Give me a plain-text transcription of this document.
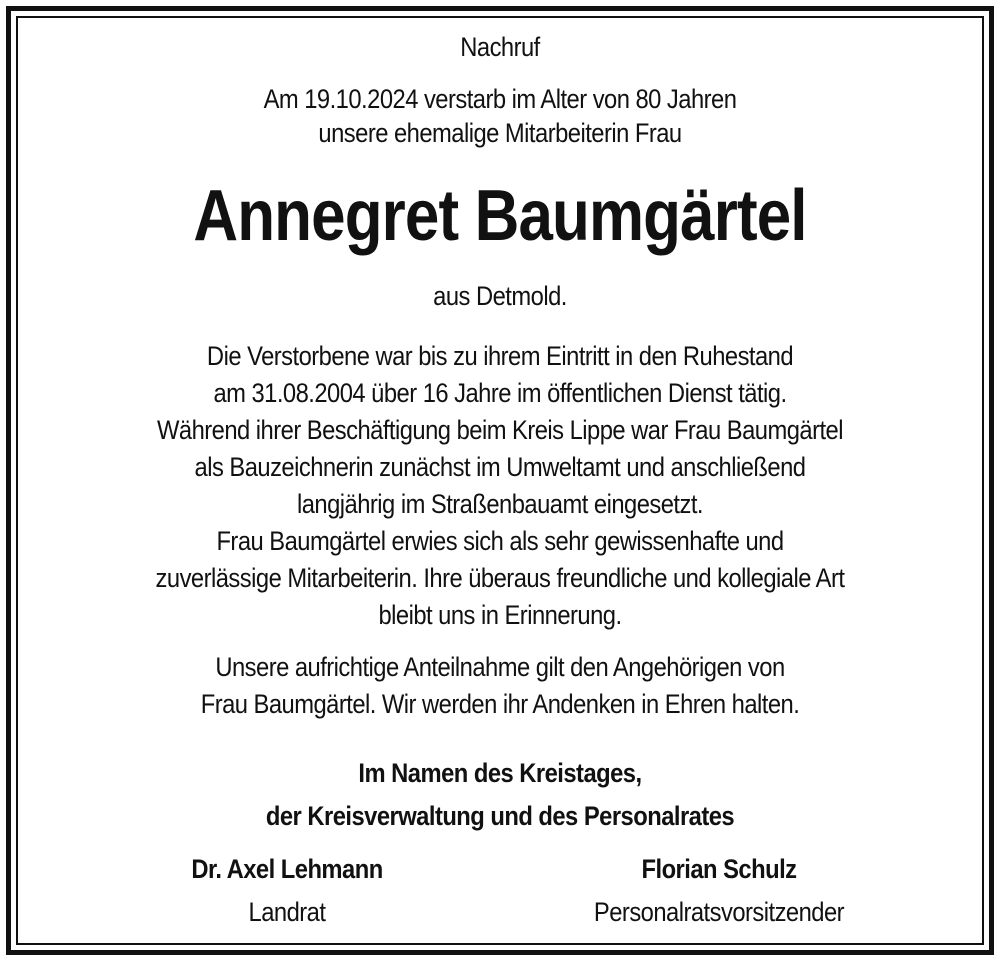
Nachruf
Am 19.10.2024 verstarb im Alter von 80 Jahren
unsere ehemalige Mitarbeiterin Frau
Annegret Baumgärtel
aus Detmold.
Die Verstorbene war bis zu ihrem Eintritt in den Ruhestand
am 31.08.2004 über 16 Jahre im öffentlichen Dienst tätig.
Während ihrer Beschäftigung beim Kreis Lippe war Frau Baumgärtel
als Bauzeichnerin zunächst im Umweltamt und anschließend
langjährig im Straßenbauamt eingesetzt.
Frau Baumgärtel erwies sich als sehr gewissenhafte und
zuverlässige Mitarbeiterin. Ihre überaus freundliche und kollegiale Art
bleibt uns in Erinnerung.
Unsere aufrichtige Anteilnahme gilt den Angehörigen von
Frau Baumgärtel. Wir werden ihr Andenken in Ehren halten.
Im Namen des Kreistages,
der Kreisverwaltung und des Personalrates
Dr. Axel Lehmann
Landrat
Florian Schulz
Personalratsvorsitzender
